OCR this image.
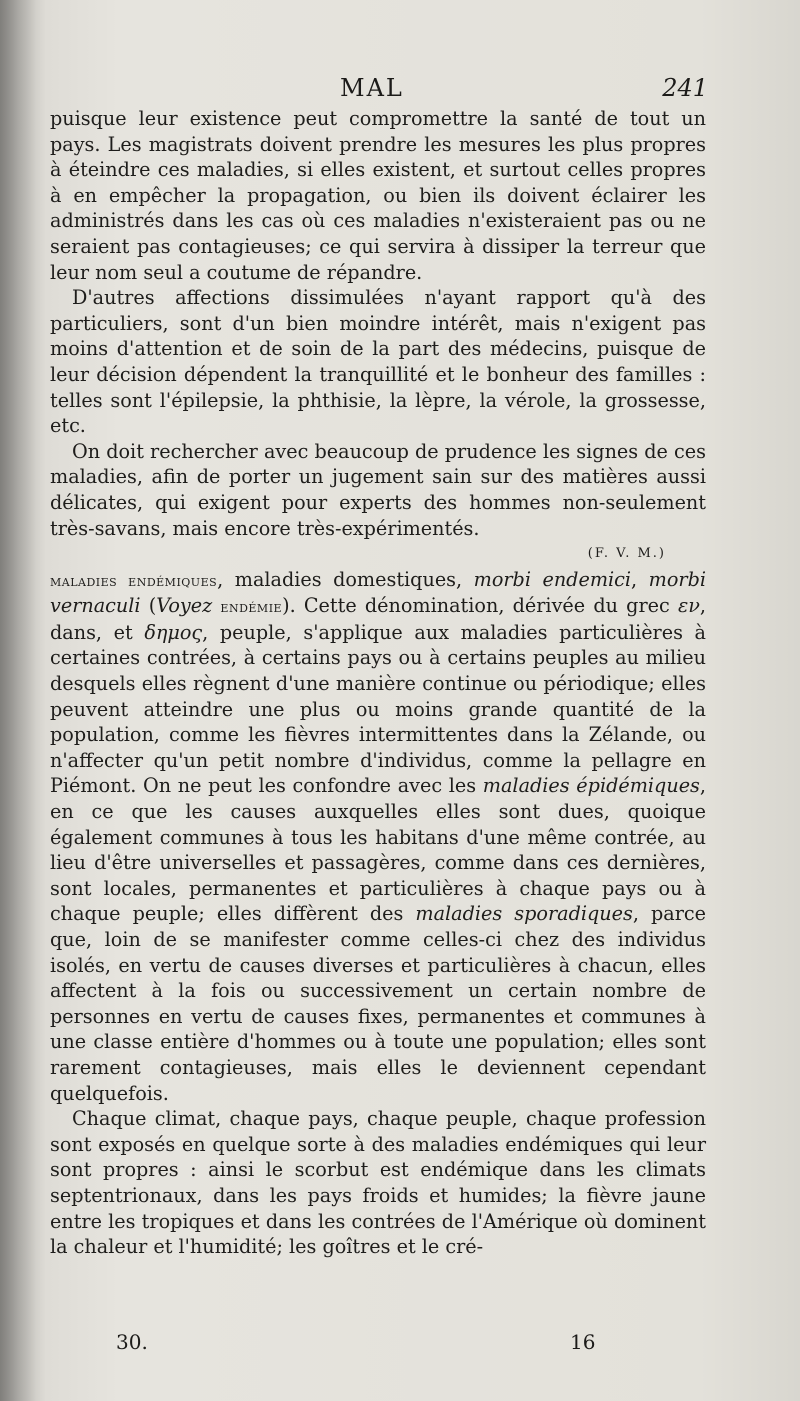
MAL	241

puisque leur existence peut compromettre la santé de tout un pays. Les magistrats doivent prendre les mesures les plus propres à éteindre ces maladies, si elles existent, et surtout celles propres à en empêcher la propagation, ou bien ils doivent éclairer les administrés dans les cas où ces maladies n'existeraient pas ou ne seraient pas contagieuses; ce qui servira à dissiper la terreur que leur nom seul a coutume de répandre.

D'autres affections dissimulées n'ayant rapport qu'à des particuliers, sont d'un bien moindre intérêt, mais n'exigent pas moins d'attention et de soin de la part des médecins, puisque de leur décision dépendent la tranquillité et le bonheur des familles : telles sont l'épilepsie, la phthisie, la lèpre, la vérole, la grossesse, etc.

On doit rechercher avec beaucoup de prudence les signes de ces maladies, afin de porter un jugement sain sur des matières aussi délicates, qui exigent pour experts des hommes non-seulement très-savans, mais encore très-expérimentés.

(F. V. M.)

maladies endémiques, maladies domestiques, morbi endemici, morbi vernaculi (Voyez endémie). Cette dénomination, dérivée du grec εν, dans, et δημος, peuple, s'applique aux maladies particulières à certaines contrées, à certains pays ou à certains peuples au milieu desquels elles règnent d'une manière continue ou périodique; elles peuvent atteindre une plus ou moins grande quantité de la population, comme les fièvres intermittentes dans la Zélande, ou n'affecter qu'un petit nombre d'individus, comme la pellagre en Piémont. On ne peut les confondre avec les maladies épidémiques, en ce que les causes auxquelles elles sont dues, quoique également communes à tous les habitans d'une même contrée, au lieu d'être universelles et passagères, comme dans ces dernières, sont locales, permanentes et particulières à chaque pays ou à chaque peuple; elles diffèrent des maladies sporadiques, parce que, loin de se manifester comme celles-ci chez des individus isolés, en vertu de causes diverses et particulières à chacun, elles affectent à la fois ou successivement un certain nombre de personnes en vertu de causes fixes, permanentes et communes à une classe entière d'hommes ou à toute une population; elles sont rarement contagieuses, mais elles le deviennent cependant quelquefois.

Chaque climat, chaque pays, chaque peuple, chaque profession sont exposés en quelque sorte à des maladies endémiques qui leur sont propres : ainsi le scorbut est endémique dans les climats septentrionaux, dans les pays froids et humides; la fièvre jaune entre les tropiques et dans les contrées de l'Amérique où dominent la chaleur et l'humidité; les goîtres et le cré-

30.	16
